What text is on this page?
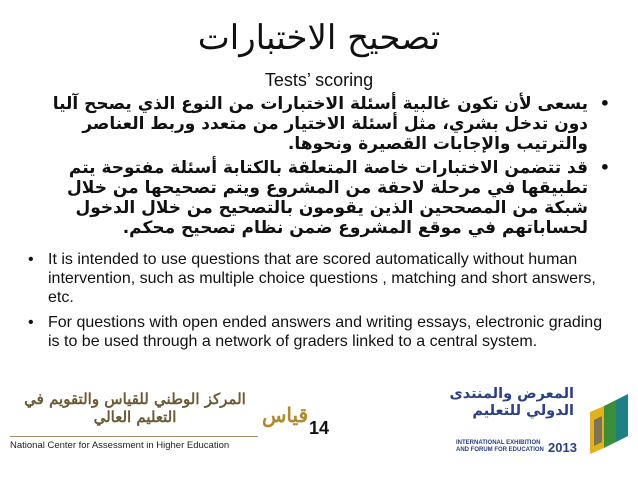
تصحيح الاختبارات
Tests’ scoring
•
يسعى لأن تكون غالبية أسئلة الاختبارات من النوع الذي يصحح آليا دون تدخل بشري، مثل أسئلة الاختيار من متعدد وربط العناصر والترتيب والإجابات القصيرة ونحوها.
•
قد تتضمن الاختبارات خاصة المتعلقة بالكتابة أسئلة مفتوحة يتم تطبيقها في مرحلة لاحقة من المشروع ويتم تصحيحها من خلال شبكة من المصححين الذين يقومون بالتصحيح من خلال الدخول لحساباتهم في موقع المشروع ضمن نظام تصحيح محكم.
• It is intended to use questions that are scored automatically without human intervention, such as multiple choice questions , matching and short answers, etc.
• For questions with open ended answers and writing essays, electronic grading is to be used through a network of graders linked to a central system.
14
المركز الوطني للقياس والتقويم في التعليم العالي
National Center for Assessment in Higher Education
قياس
المعرض والمنتدى
الدولي للتعليم
INTERNATIONAL EXHIBITION
AND FORUM FOR EDUCATION 2013
